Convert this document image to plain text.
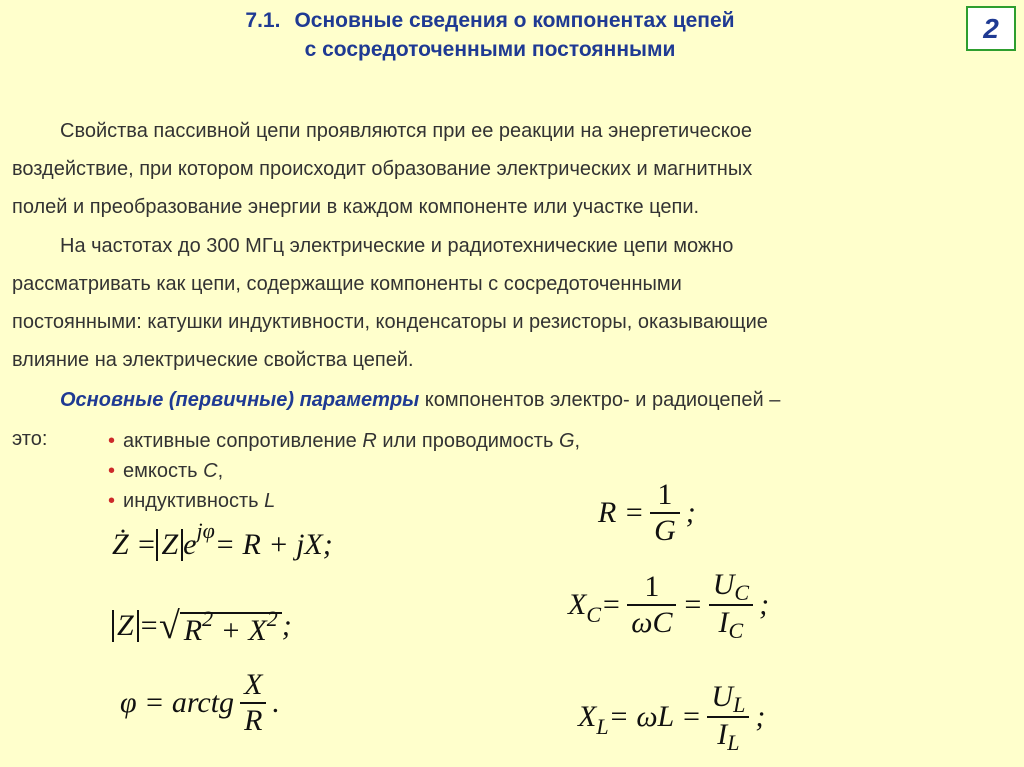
7.1. Основные сведения о компонентах цепей
с сосредоточенными постоянными
2

Свойства пассивной цепи проявляются при ее реакции на энергетическое
воздействие, при котором происходит образование электрических и магнитных
полей и преобразование энергии в каждом компоненте или участке цепи.

На частотах до 300 МГц электрические и радиотехнические цепи можно
рассматривать как цепи, содержащие компоненты с сосредоточенными
постоянными: катушки индуктивности, конденсаторы и резисторы, оказывающие
влияние на электрические свойства цепей.

Основные (первичные) параметры компонентов электро- и радиоцепей –

это:	• активные сопротивление R или проводимость G,
• емкость C,
• индуктивность L
Ż = Z e jφ = R + jX;
Z = √ $R^2 + X^2$ ;
φ = arctg $\frac{X}{R}$ .
$R = \frac{1}{G}$ ;
X $C = \frac{1}{\omega C} = \frac{U_C}{I_C}$ ;
X $L = \omega L = \frac{U_L}{I_L}$ ;
